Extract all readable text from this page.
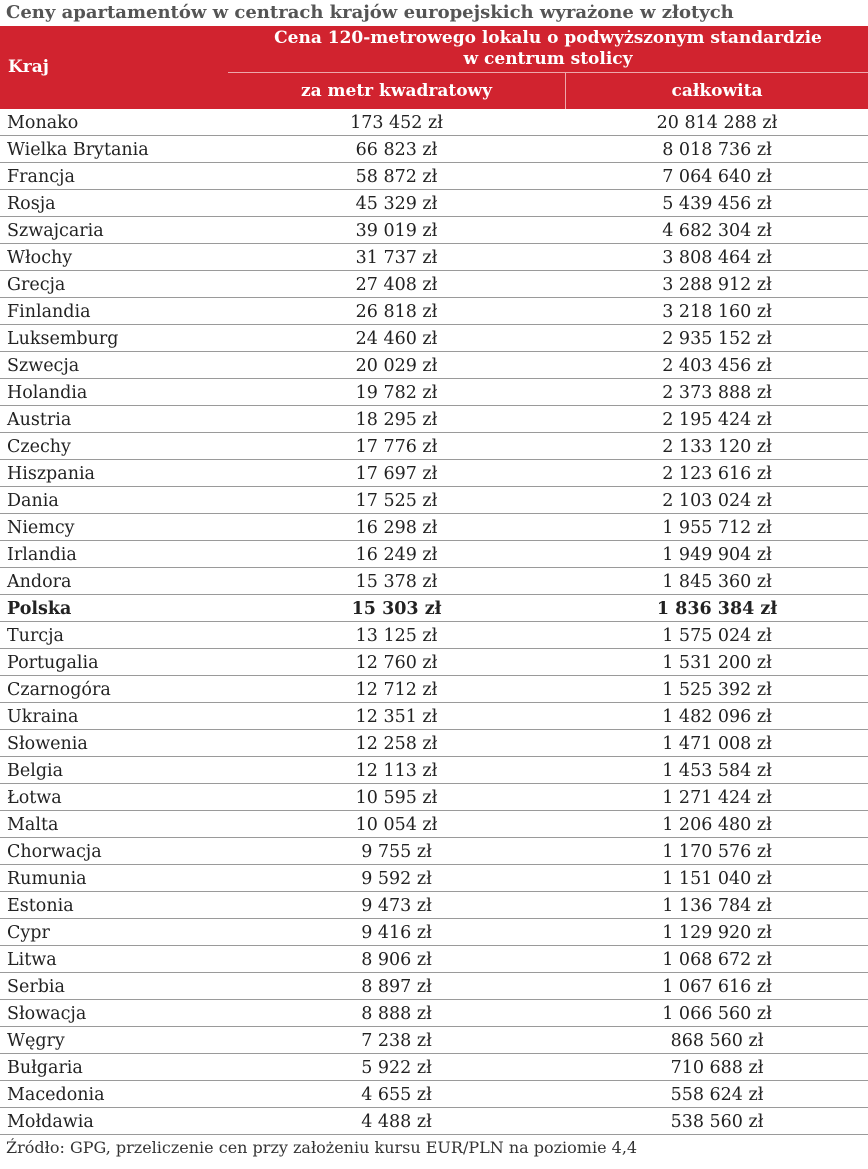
Ceny apartamentów w centrach krajów europejskich wyrażone w złotych
Kraj
Cena 120-metrowego lokalu o podwyższonym standardzie
w centrum stolicy
za metr kwadratowy	całkowita
Monako	173 452 zł	20 814 288 zł
Wielka Brytania	66 823 zł	8 018 736 zł
Francja	58 872 zł	7 064 640 zł
Rosja	45 329 zł	5 439 456 zł
Szwajcaria	39 019 zł	4 682 304 zł
Włochy	31 737 zł	3 808 464 zł
Grecja	27 408 zł	3 288 912 zł
Finlandia	26 818 zł	3 218 160 zł
Luksemburg	24 460 zł	2 935 152 zł
Szwecja	20 029 zł	2 403 456 zł
Holandia	19 782 zł	2 373 888 zł
Austria	18 295 zł	2 195 424 zł
Czechy	17 776 zł	2 133 120 zł
Hiszpania	17 697 zł	2 123 616 zł
Dania	17 525 zł	2 103 024 zł
Niemcy	16 298 zł	1 955 712 zł
Irlandia	16 249 zł	1 949 904 zł
Andora	15 378 zł	1 845 360 zł
Polska	15 303 zł	1 836 384 zł
Turcja	13 125 zł	1 575 024 zł
Portugalia	12 760 zł	1 531 200 zł
Czarnogóra	12 712 zł	1 525 392 zł
Ukraina	12 351 zł	1 482 096 zł
Słowenia	12 258 zł	1 471 008 zł
Belgia	12 113 zł	1 453 584 zł
Łotwa	10 595 zł	1 271 424 zł
Malta	10 054 zł	1 206 480 zł
Chorwacja	9 755 zł	1 170 576 zł
Rumunia	9 592 zł	1 151 040 zł
Estonia	9 473 zł	1 136 784 zł
Cypr	9 416 zł	1 129 920 zł
Litwa	8 906 zł	1 068 672 zł
Serbia	8 897 zł	1 067 616 zł
Słowacja	8 888 zł	1 066 560 zł
Węgry	7 238 zł	868 560 zł
Bułgaria	5 922 zł	710 688 zł
Macedonia	4 655 zł	558 624 zł
Mołdawia	4 488 zł	538 560 zł
Źródło: GPG, przeliczenie cen przy założeniu kursu EUR/PLN na poziomie 4,4
